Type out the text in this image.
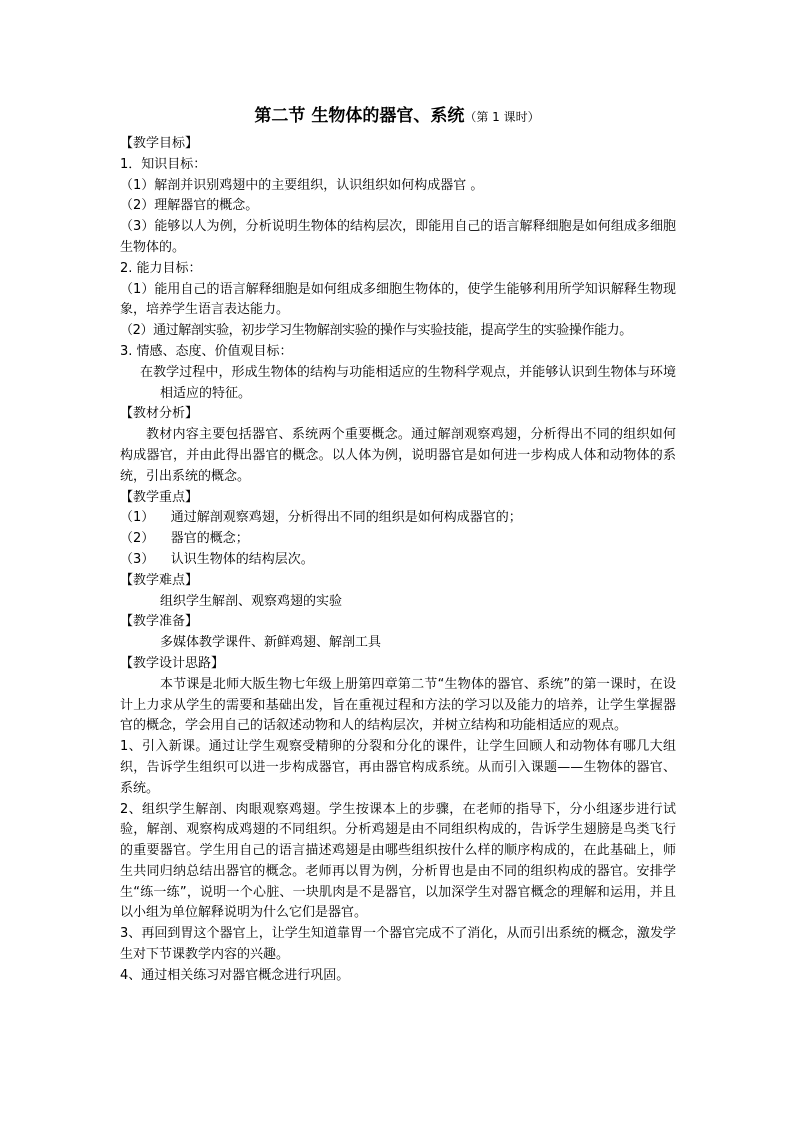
第二节 生物体的器官、系统（第 1 课时）

【教学目标】

1．知识目标：

（1）解剖并识别鸡翅中的主要组织，认识组织如何构成器官 。

（2）理解器官的概念。

（3）能够以人为例，分析说明生物体的结构层次，即能用自己的语言解释细胞是如何组成多细胞生物体的。

2. 能力目标：

（1）能用自己的语言解释细胞是如何组成多细胞生物体的，使学生能够利用所学知识解释生物现象，培养学生语言表达能力。

（2）通过解剖实验，初步学习生物解剖实验的操作与实验技能，提高学生的实验操作能力。

3. 情感、态度、价值观目标：

在教学过程中，形成生物体的结构与功能相适应的生物科学观点，并能够认识到生物体与环境相适应的特征。

【教材分析】

教材内容主要包括器官、系统两个重要概念。通过解剖观察鸡翅，分析得出不同的组织如何构成器官，并由此得出器官的概念。以人体为例，说明器官是如何进一步构成人体和动物体的系统，引出系统的概念。

【教学重点】

（1）    通过解剖观察鸡翅，分析得出不同的组织是如何构成器官的；

（2）    器官的概念；

（3）    认识生物体的结构层次。

【教学难点】

组织学生解剖、观察鸡翅的实验

【教学准备】

多媒体教学课件、新鲜鸡翅、解剖工具

【教学设计思路】

本节课是北师大版生物七年级上册第四章第二节“生物体的器官、系统”的第一课时，在设计上力求从学生的需要和基础出发，旨在重视过程和方法的学习以及能力的培养，让学生掌握器官的概念，学会用自己的话叙述动物和人的结构层次，并树立结构和功能相适应的观点。

1、引入新课。通过让学生观察受精卵的分裂和分化的课件，让学生回顾人和动物体有哪几大组织，告诉学生组织可以进一步构成器官，再由器官构成系统。从而引入课题——生物体的器官、系统。

2、组织学生解剖、肉眼观察鸡翅。学生按课本上的步骤，在老师的指导下，分小组逐步进行试验，解剖、观察构成鸡翅的不同组织。分析鸡翅是由不同组织构成的，告诉学生翅膀是鸟类飞行的重要器官。学生用自己的语言描述鸡翅是由哪些组织按什么样的顺序构成的，在此基础上，师生共同归纳总结出器官的概念。老师再以胃为例，分析胃也是由不同的组织构成的器官。安排学生“练一练”，说明一个心脏、一块肌肉是不是器官，以加深学生对器官概念的理解和运用，并且以小组为单位解释说明为什么它们是器官。

3、再回到胃这个器官上，让学生知道靠胃一个器官完成不了消化，从而引出系统的概念，激发学生对下节课教学内容的兴趣。

4、通过相关练习对器官概念进行巩固。
